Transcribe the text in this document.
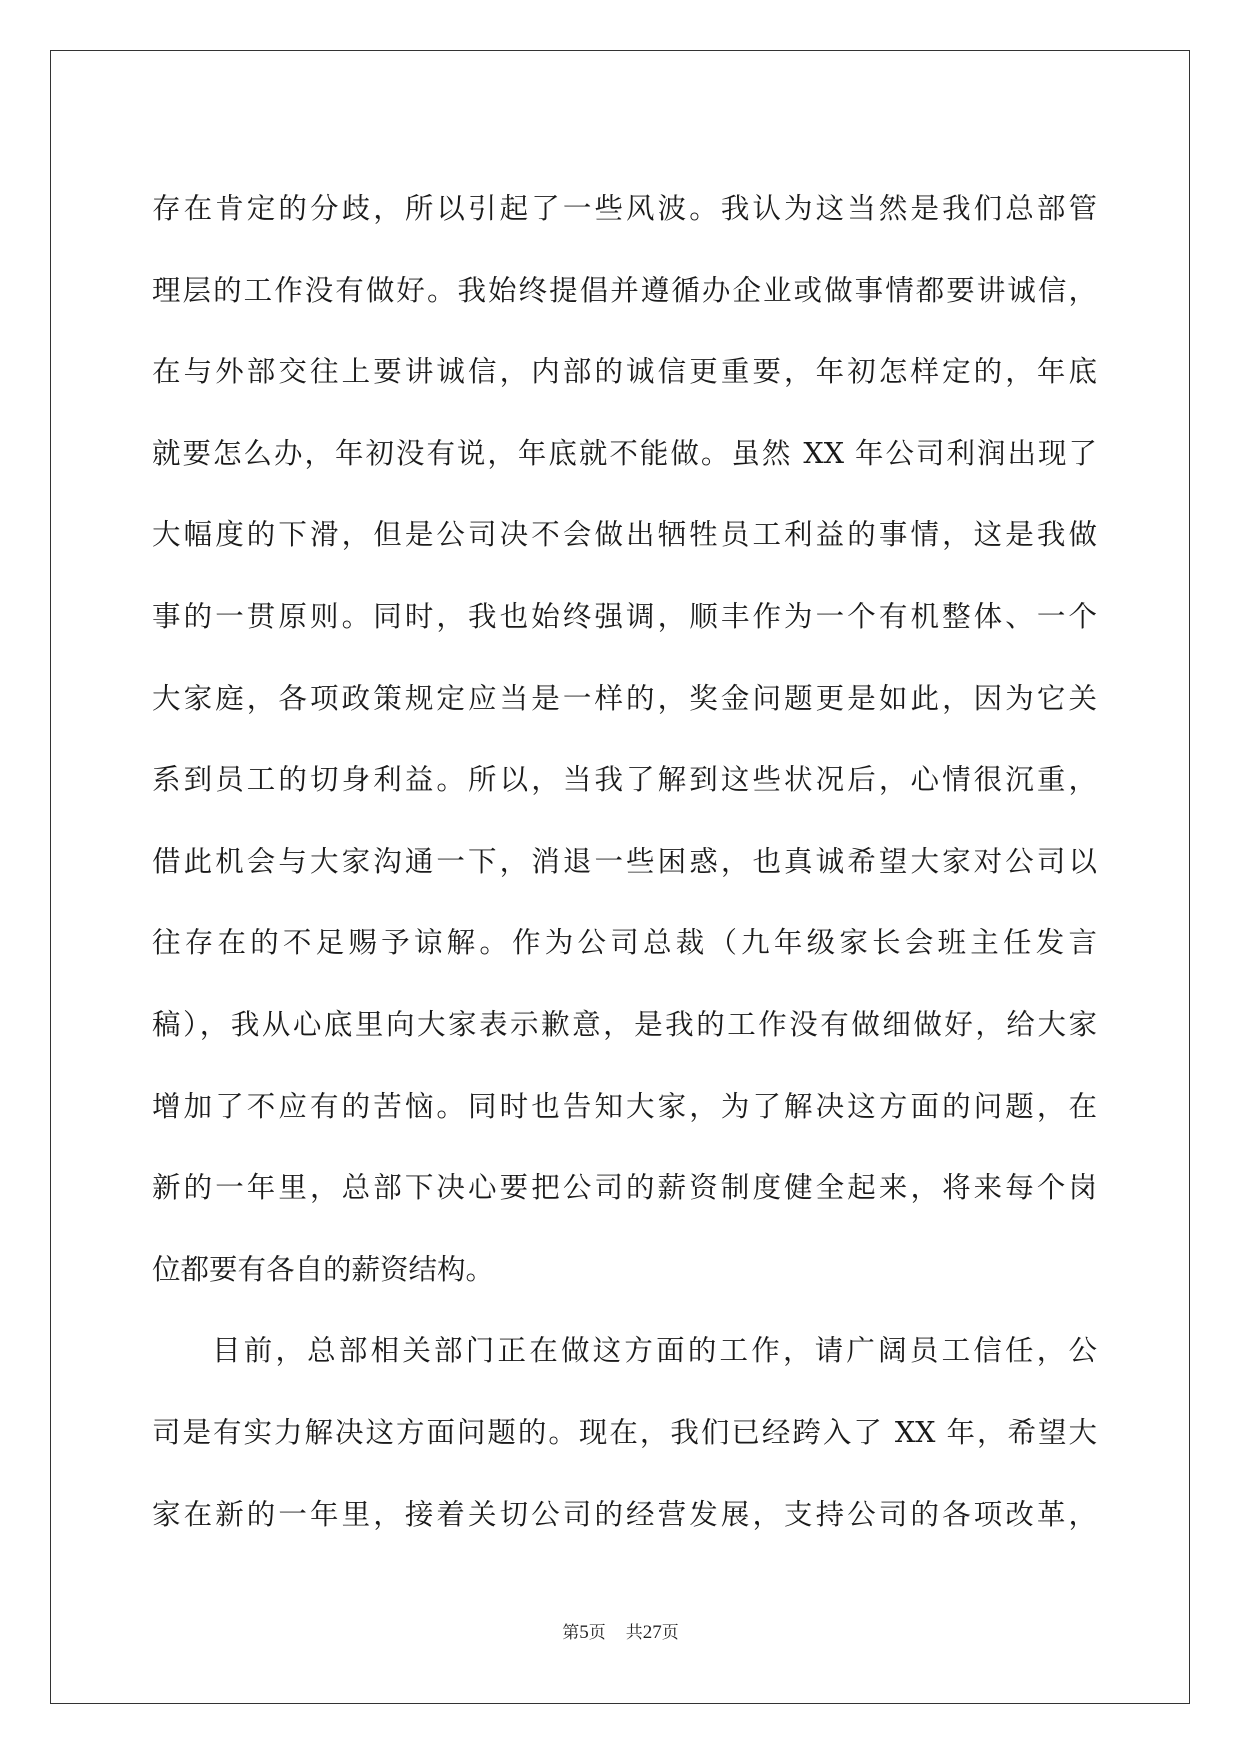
存在肯定的分歧，所以引起了一些风波。我认为这当然是我们总部管
理层的工作没有做好。我始终提倡并遵循办企业或做事情都要讲诚信，
在与外部交往上要讲诚信，内部的诚信更重要，年初怎样定的，年底
就要怎么办，年初没有说，年底就不能做。虽然 XX 年公司利润出现了
大幅度的下滑，但是公司决不会做出牺牲员工利益的事情，这是我做
事的一贯原则。同时，我也始终强调，顺丰作为一个有机整体、一个
大家庭，各项政策规定应当是一样的，奖金问题更是如此，因为它关
系到员工的切身利益。所以，当我了解到这些状况后，心情很沉重，
借此机会与大家沟通一下，消退一些困惑，也真诚希望大家对公司以
往存在的不足赐予谅解。作为公司总裁（九年级家长会班主任发言
稿），我从心底里向大家表示歉意，是我的工作没有做细做好，给大家
增加了不应有的苦恼。同时也告知大家，为了解决这方面的问题，在
新的一年里，总部下决心要把公司的薪资制度健全起来，将来每个岗
位都要有各自的薪资结构。
目前，总部相关部门正在做这方面的工作，请广阔员工信任，公
司是有实力解决这方面问题的。现在，我们已经跨入了 XX 年，希望大
家在新的一年里，接着关切公司的经营发展，支持公司的各项改革，
第5页 共27页
